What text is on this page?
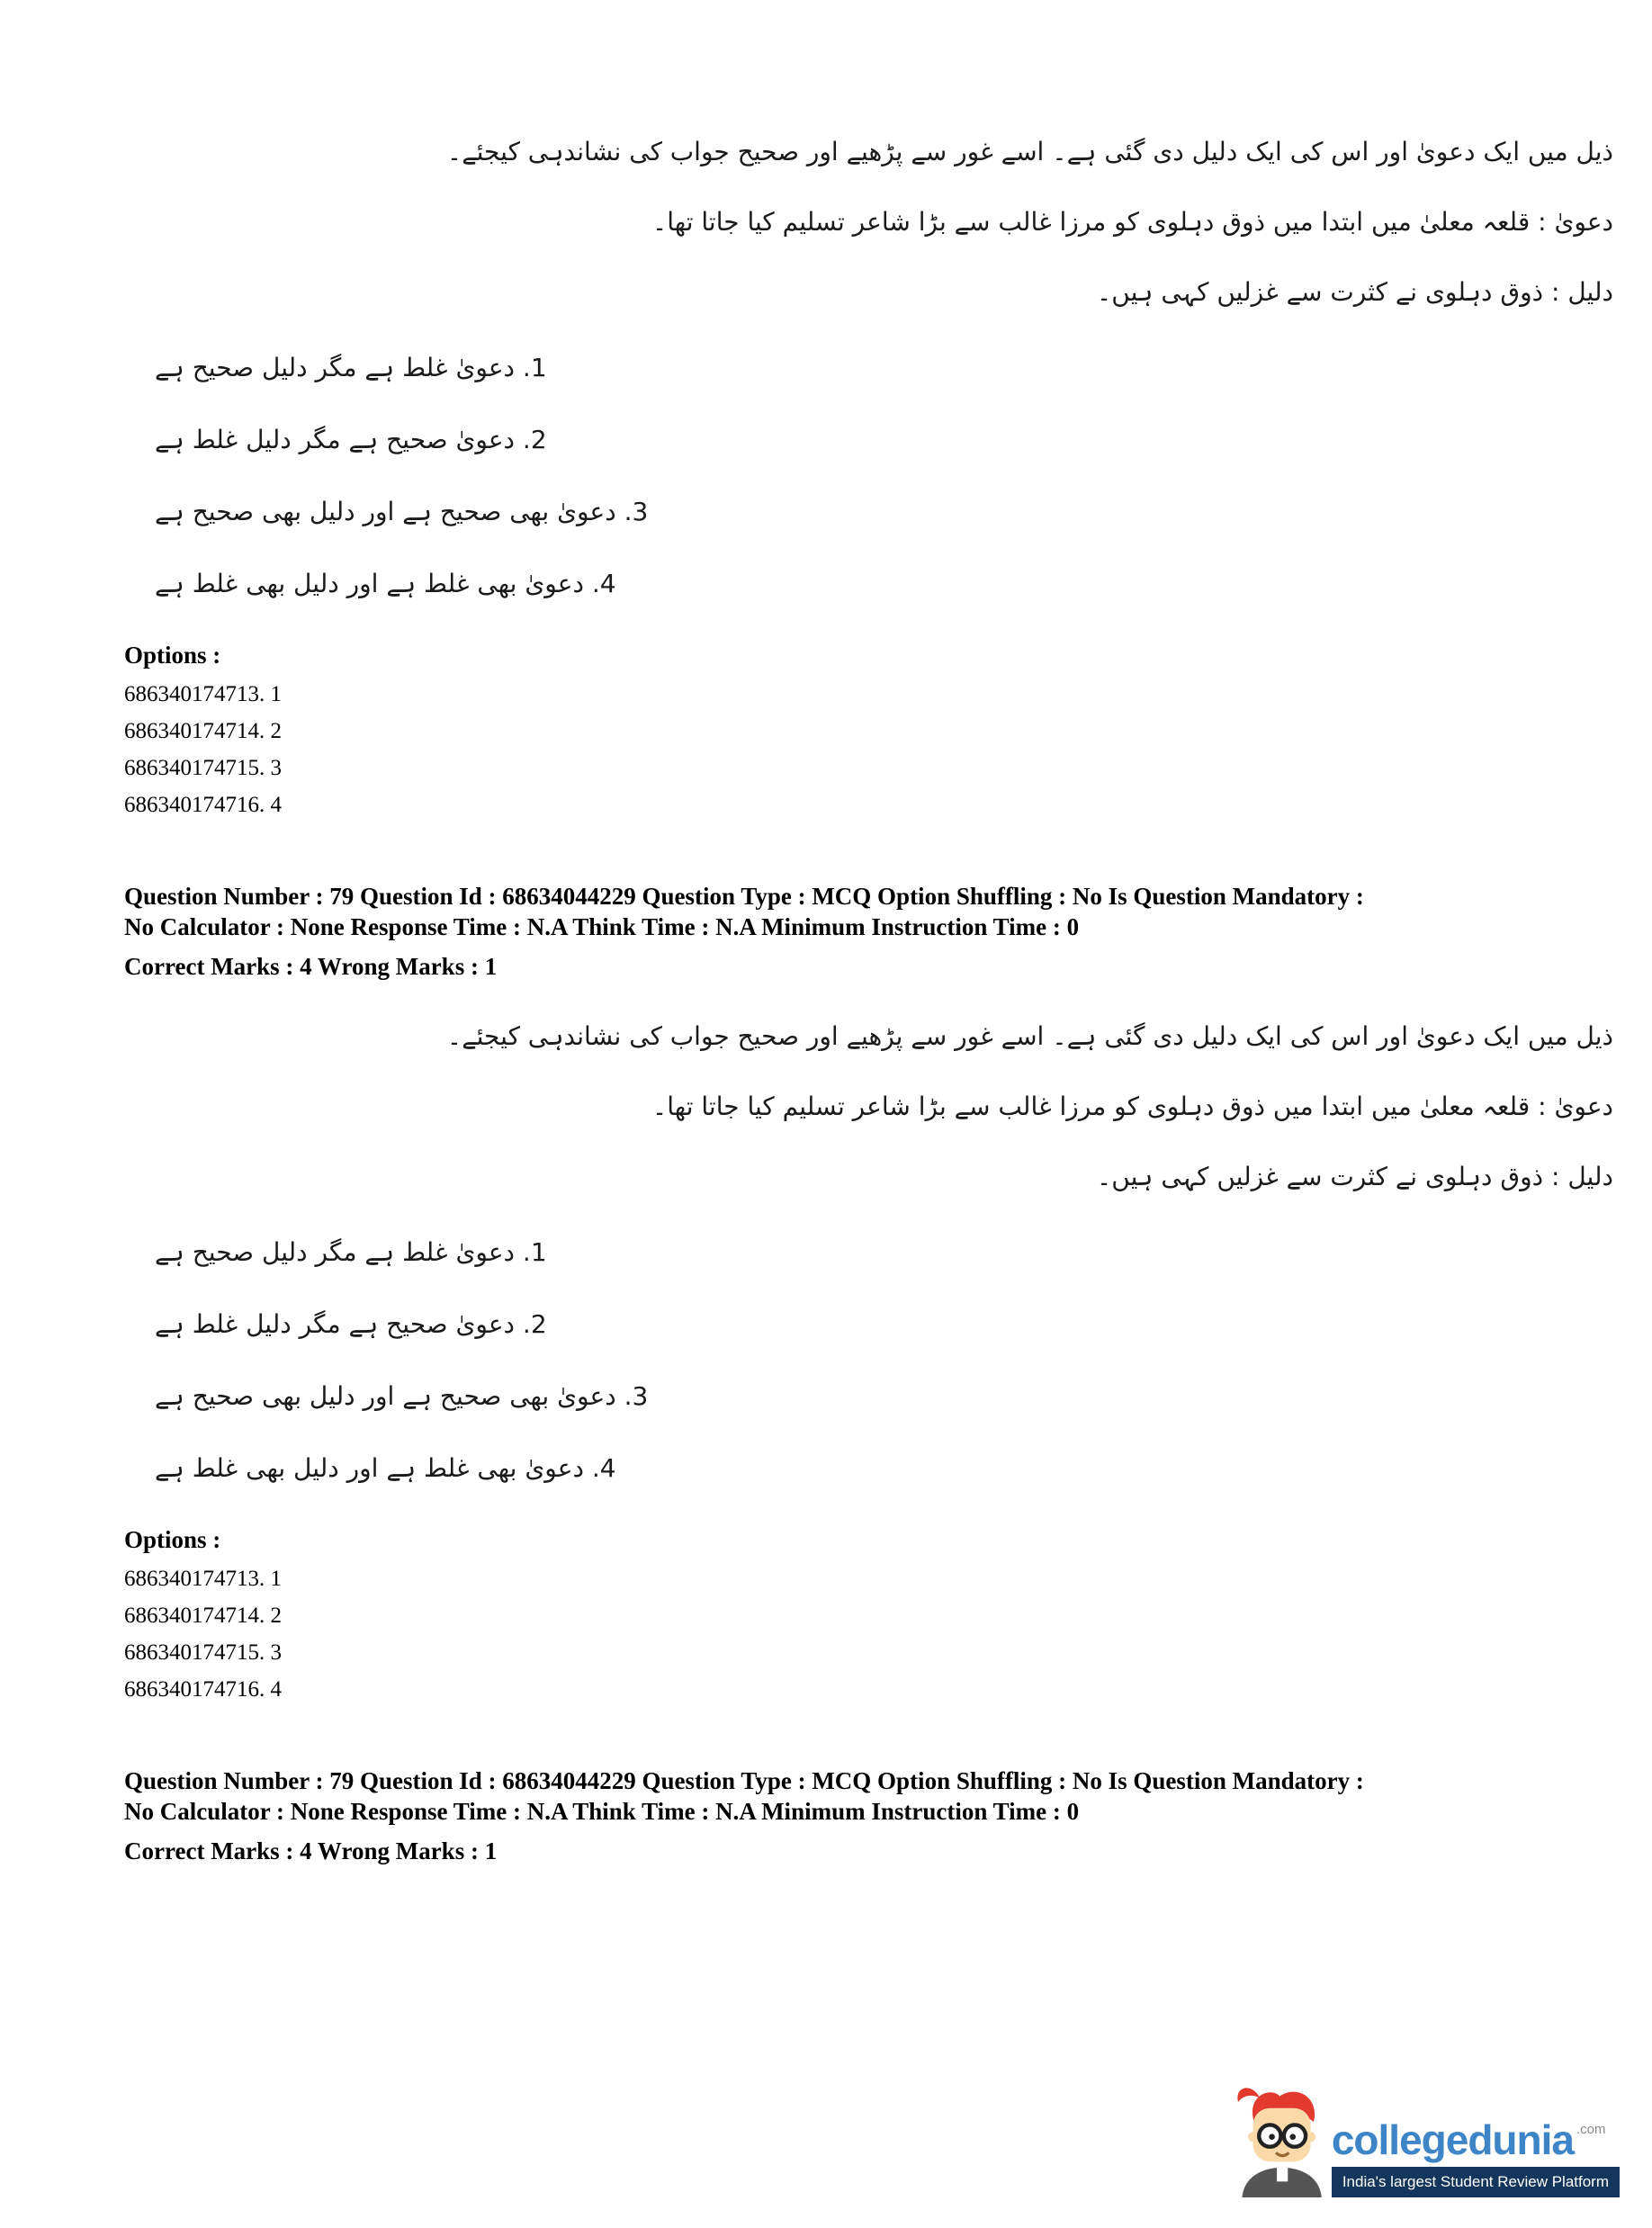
ذیل میں ایک دعویٰ اور اس کی ایک دلیل دی گئی ہے۔ اسے غور سے پڑھیے اور صحیح جواب کی نشاندہی کیجئے۔
دعویٰ : قلعہ معلیٰ میں ابتدا میں ذوق دہلوی کو مرزا غالب سے بڑا شاعر تسلیم کیا جاتا تھا۔
دلیل : ذوق دہلوی نے کثرت سے غزلیں کہی ہیں۔
1. دعویٰ غلط ہے مگر دلیل صحیح ہے
2. دعویٰ صحیح ہے مگر دلیل غلط ہے
3. دعویٰ بھی صحیح ہے اور دلیل بھی صحیح ہے
4. دعویٰ بھی غلط ہے اور دلیل بھی غلط ہے
Options :
686340174713. 1
686340174714. 2
686340174715. 3
686340174716. 4
Question Number : 79 Question Id : 68634044229 Question Type : MCQ Option Shuffling : No Is Question Mandatory :
No Calculator : None Response Time : N.A Think Time : N.A Minimum Instruction Time : 0
Correct Marks : 4 Wrong Marks : 1
ذیل میں ایک دعویٰ اور اس کی ایک دلیل دی گئی ہے۔ اسے غور سے پڑھیے اور صحیح جواب کی نشاندہی کیجئے۔
دعویٰ : قلعہ معلیٰ میں ابتدا میں ذوق دہلوی کو مرزا غالب سے بڑا شاعر تسلیم کیا جاتا تھا۔
دلیل : ذوق دہلوی نے کثرت سے غزلیں کہی ہیں۔
1. دعویٰ غلط ہے مگر دلیل صحیح ہے
2. دعویٰ صحیح ہے مگر دلیل غلط ہے
3. دعویٰ بھی صحیح ہے اور دلیل بھی صحیح ہے
4. دعویٰ بھی غلط ہے اور دلیل بھی غلط ہے
Options :
686340174713. 1
686340174714. 2
686340174715. 3
686340174716. 4
Question Number : 79 Question Id : 68634044229 Question Type : MCQ Option Shuffling : No Is Question Mandatory :
No Calculator : None Response Time : N.A Think Time : N.A Minimum Instruction Time : 0
Correct Marks : 4 Wrong Marks : 1
collegedunia .com
India's largest Student Review Platform
